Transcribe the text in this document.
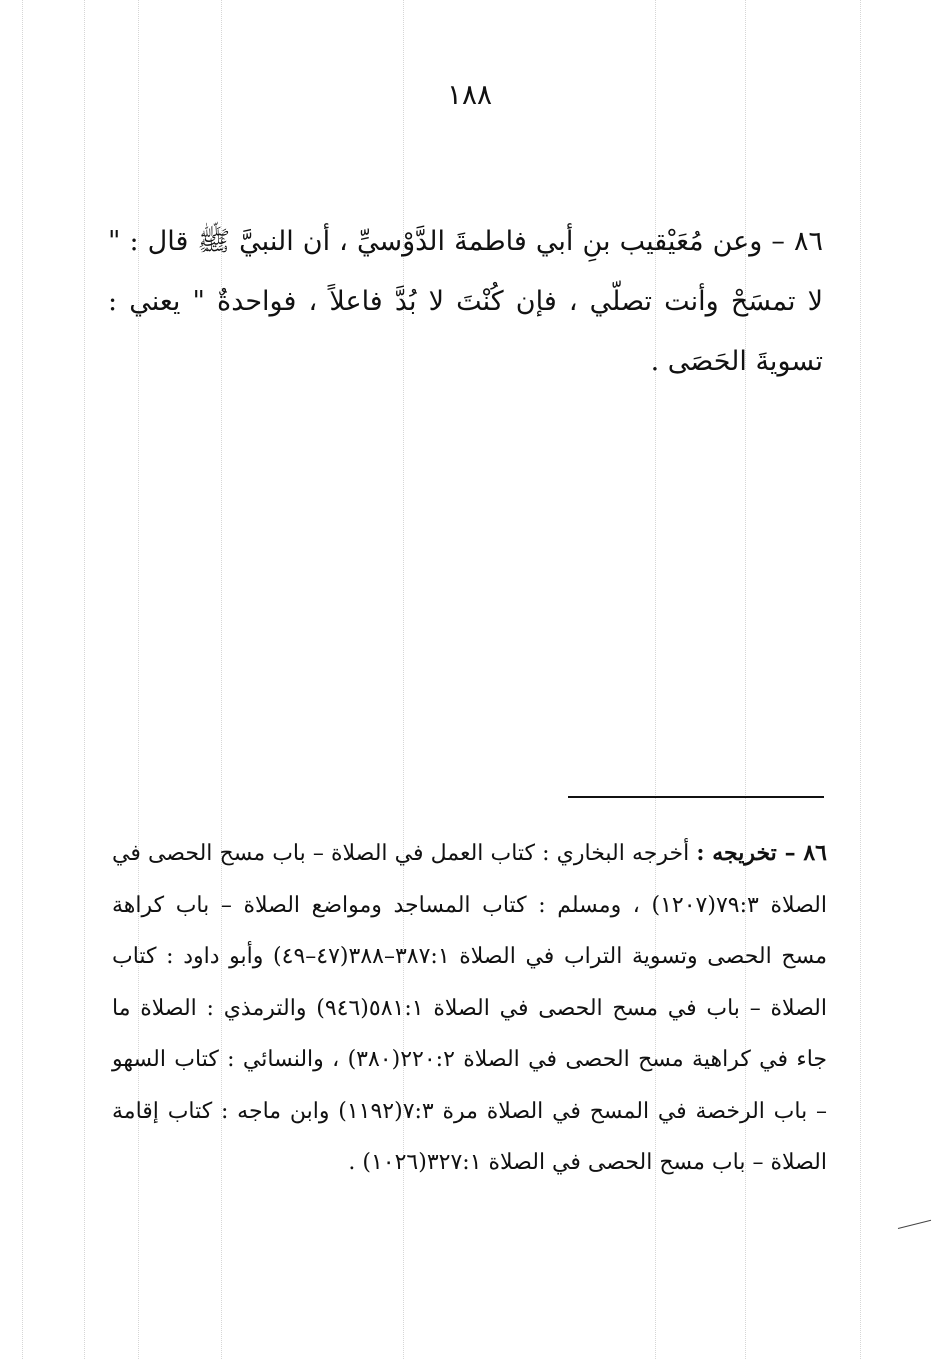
١٨٨

٨٦ – وعن مُعَيْقيب بنِ أبي فاطمةَ الدَّوْسيِّ ، أن النبيَّ ﷺ قال : " لا تمسَحْ وأنت تصلّي ، فإن كُنْتَ لا بُدَّ فاعلاً ، فواحدةٌ " يعني : تسويةَ الحَصَى .

٨٦ – تخريجه : أخرجه البخاري : كتاب العمل في الصلاة – باب مسح الحصى في الصلاة ٧٩:٣(١٢٠٧) ، ومسلم : كتاب المساجد ومواضع الصلاة – باب كراهة مسح الحصى وتسوية التراب في الصلاة ٣٨٧:١–٣٨٨(٤٧–٤٩) وأبو داود : كتاب الصلاة – باب في مسح الحصى في الصلاة ٥٨١:١(٩٤٦) والترمذي : الصلاة ما جاء في كراهية مسح الحصى في الصلاة ٢٢٠:٢(٣٨٠) ، والنسائي : كتاب السهو – باب الرخصة في المسح في الصلاة مرة ٧:٣(١١٩٢) وابن ماجه : كتاب إقامة الصلاة – باب مسح الحصى في الصلاة ٣٢٧:١(١٠٢٦) .
